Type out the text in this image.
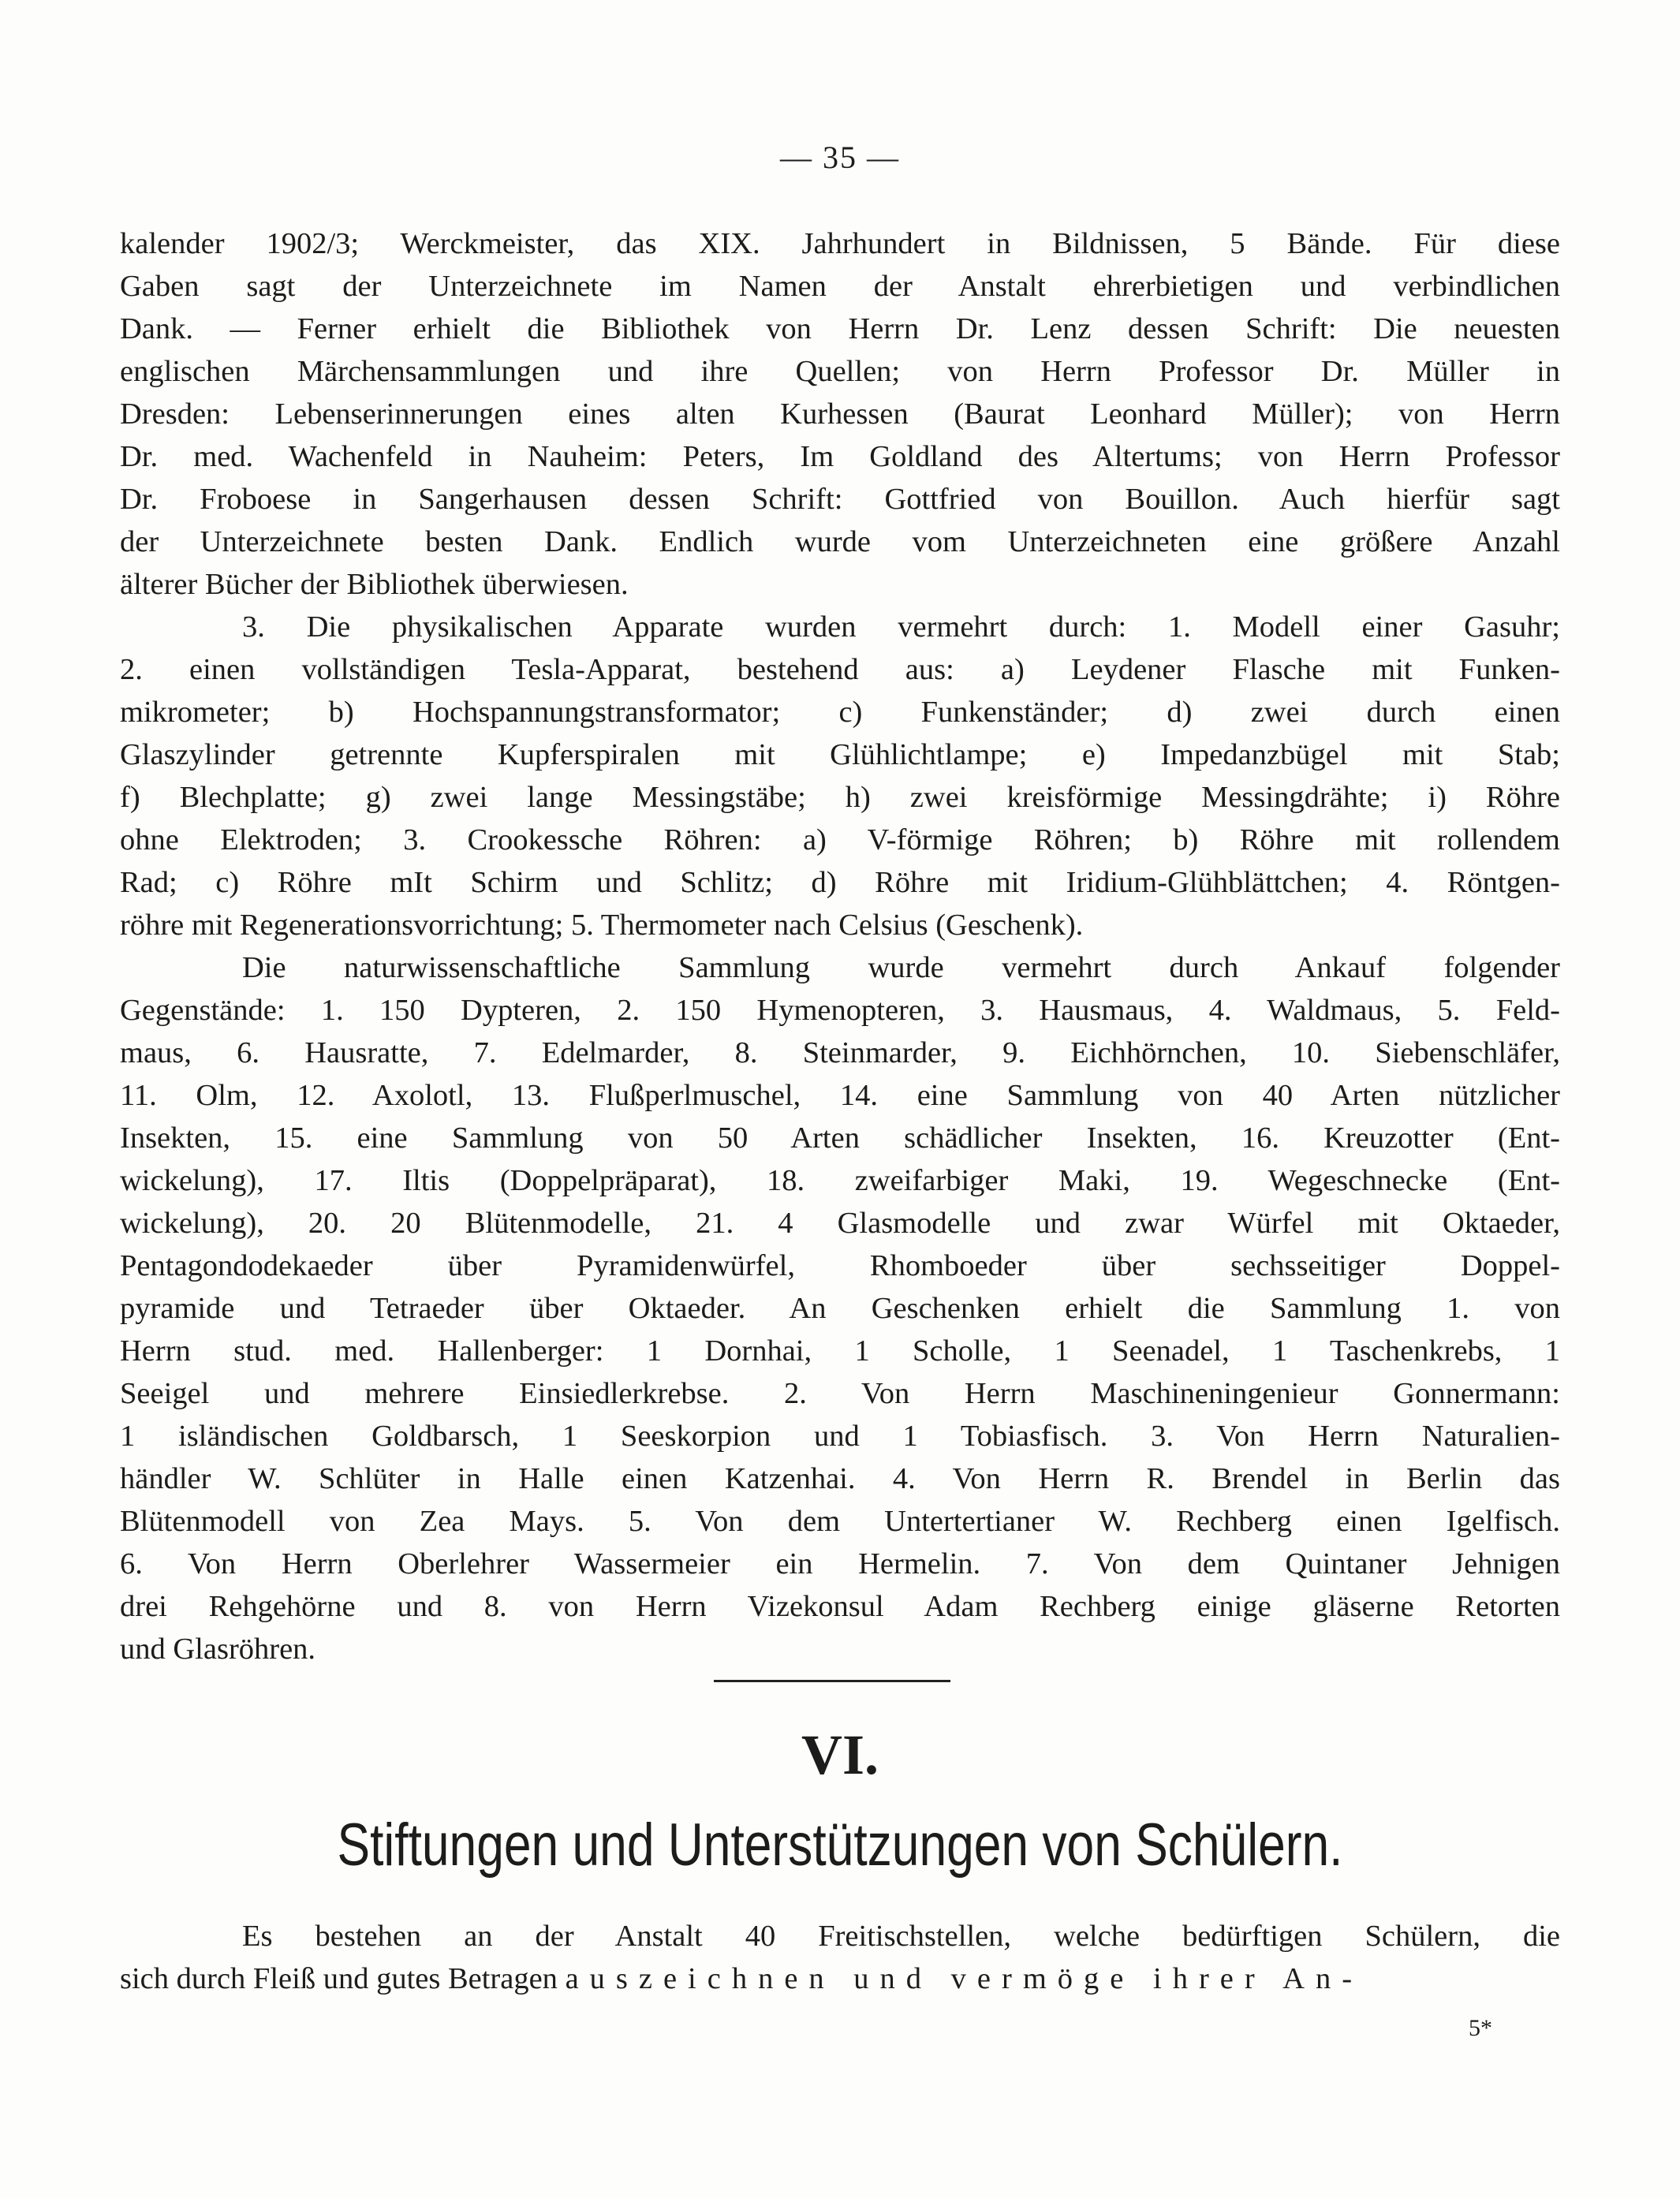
— 35 —
kalender 1902/3; Werckmeister, das XIX. Jahrhundert in Bildnissen, 5 Bände. Für diese
Gaben sagt der Unterzeichnete im Namen der Anstalt ehrerbietigen und verbindlichen
Dank. — Ferner erhielt die Bibliothek von Herrn Dr. Lenz dessen Schrift: Die neuesten
englischen Märchensammlungen und ihre Quellen; von Herrn Professor Dr. Müller in
Dresden: Lebenserinnerungen eines alten Kurhessen (Baurat Leonhard Müller); von Herrn
Dr. med. Wachenfeld in Nauheim: Peters, Im Goldland des Altertums; von Herrn Professor
Dr. Froboese in Sangerhausen dessen Schrift: Gottfried von Bouillon. Auch hierfür sagt
der Unterzeichnete besten Dank. Endlich wurde vom Unterzeichneten eine größere Anzahl
älterer Bücher der Bibliothek überwiesen.
3. Die physikalischen Apparate wurden vermehrt durch: 1. Modell einer Gasuhr;
2. einen vollständigen Tesla-Apparat, bestehend aus: a) Leydener Flasche mit Funken-
mikrometer; b) Hochspannungstransformator; c) Funkenständer; d) zwei durch einen
Glaszylinder getrennte Kupferspiralen mit Glühlichtlampe; e) Impedanzbügel mit Stab;
f) Blechplatte; g) zwei lange Messingstäbe; h) zwei kreisförmige Messingdrähte; i) Röhre
ohne Elektroden; 3. Crookessche Röhren: a) V-förmige Röhren; b) Röhre mit rollendem
Rad; c) Röhre mIt Schirm und Schlitz; d) Röhre mit Iridium-Glühblättchen; 4. Röntgen-
röhre mit Regenerationsvorrichtung; 5. Thermometer nach Celsius (Geschenk).
Die naturwissenschaftliche Sammlung wurde vermehrt durch Ankauf folgender
Gegenstände: 1. 150 Dypteren, 2. 150 Hymenopteren, 3. Hausmaus, 4. Waldmaus, 5. Feld-
maus, 6. Hausratte, 7. Edelmarder, 8. Steinmarder, 9. Eichhörnchen, 10. Siebenschläfer,
11. Olm, 12. Axolotl, 13. Flußperlmuschel, 14. eine Sammlung von 40 Arten nützlicher
Insekten, 15. eine Sammlung von 50 Arten schädlicher Insekten, 16. Kreuzotter (Ent-
wickelung), 17. Iltis (Doppelpräparat), 18. zweifarbiger Maki, 19. Wegeschnecke (Ent-
wickelung), 20. 20 Blütenmodelle, 21. 4 Glasmodelle und zwar Würfel mit Oktaeder,
Pentagondodekaeder über Pyramidenwürfel, Rhomboeder über sechsseitiger Doppel-
pyramide und Tetraeder über Oktaeder. An Geschenken erhielt die Sammlung 1. von
Herrn stud. med. Hallenberger: 1 Dornhai, 1 Scholle, 1 Seenadel, 1 Taschenkrebs, 1
Seeigel und mehrere Einsiedlerkrebse. 2. Von Herrn Maschineningenieur Gonnermann:
1 isländischen Goldbarsch, 1 Seeskorpion und 1 Tobiasfisch. 3. Von Herrn Naturalien-
händler W. Schlüter in Halle einen Katzenhai. 4. Von Herrn R. Brendel in Berlin das
Blütenmodell von Zea Mays. 5. Von dem Untertertianer W. Rechberg einen Igelfisch.
6. Von Herrn Oberlehrer Wassermeier ein Hermelin. 7. Von dem Quintaner Jehnigen
drei Rehgehörne und 8. von Herrn Vizekonsul Adam Rechberg einige gläserne Retorten
und Glasröhren.
VI.
Stiftungen und Unterstützungen von Schülern.
Es bestehen an der Anstalt 40 Freitischstellen, welche bedürftigen Schülern, die
sich durch Fleiß und gutes Betragen auszeichnen und vermöge ihrer An-
5*
